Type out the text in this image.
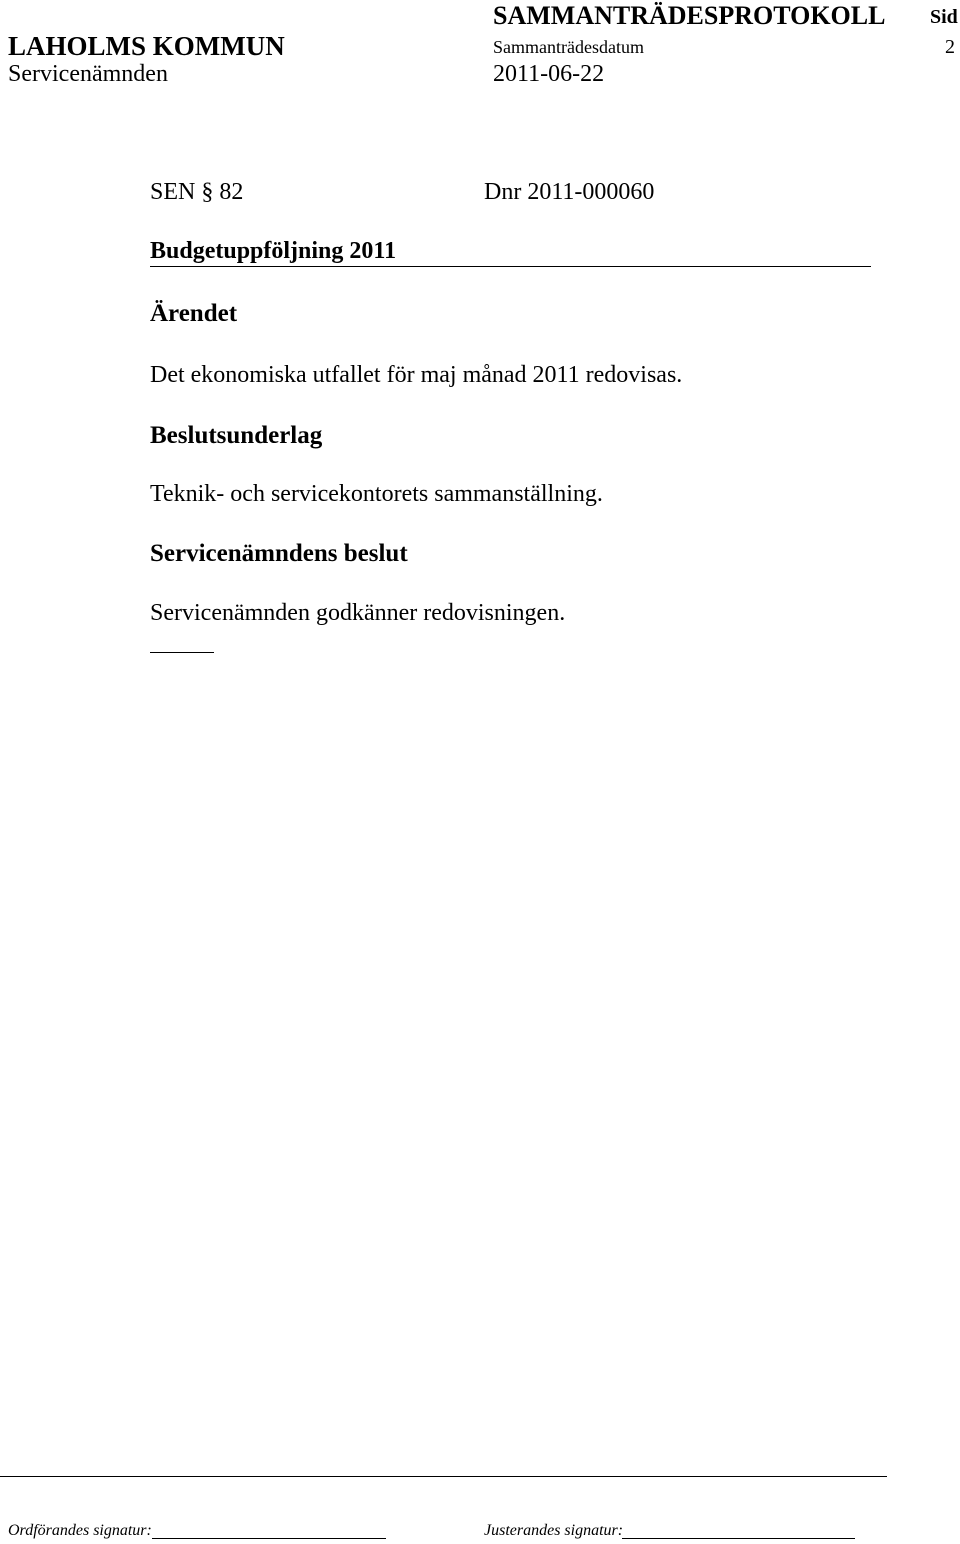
SAMMANTRÄDESPROTOKOLL Sid
LAHOLMS KOMMUN	Sammanträdesdatum	2
Servicenämnden	2011-06-22
SEN § 82	Dnr 2011-000060
Budgetuppföljning 2011
Ärendet
Det ekonomiska utfallet för maj månad 2011 redovisas.
Beslutsunderlag
Teknik- och servicekontorets sammanställning.
Servicenämndens beslut
Servicenämnden godkänner redovisningen.
Ordförandes signatur:	Justerandes signatur:
